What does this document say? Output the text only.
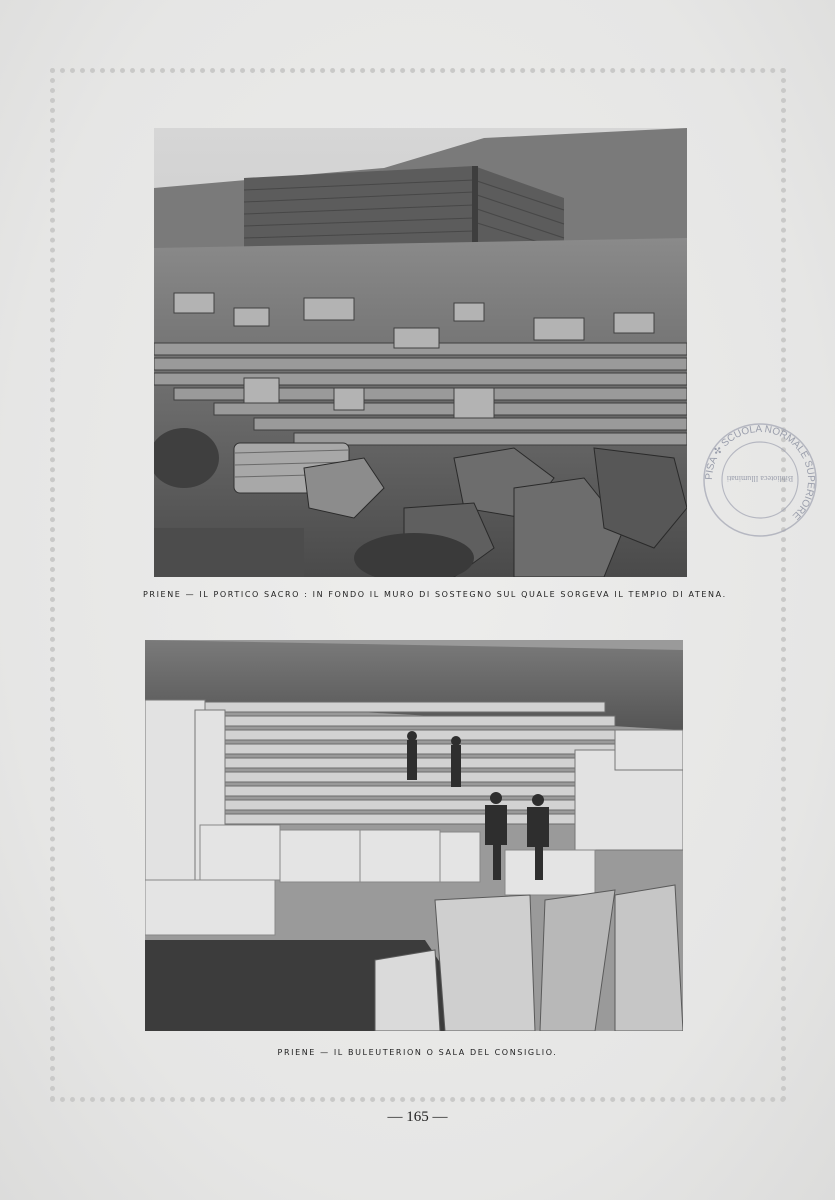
PRIENE — IL PORTICO SACRO : IN FONDO IL MURO DI SOSTEGNO SUL QUALE SORGEVA IL TEMPIO DI ATENA.
PRIENE — IL BULEUTERION O SALA DEL CONSIGLIO.
— 165 —
PISA ✣ SCUOLA NORMALE SUPERIORE
Biblioteca Illuminati
